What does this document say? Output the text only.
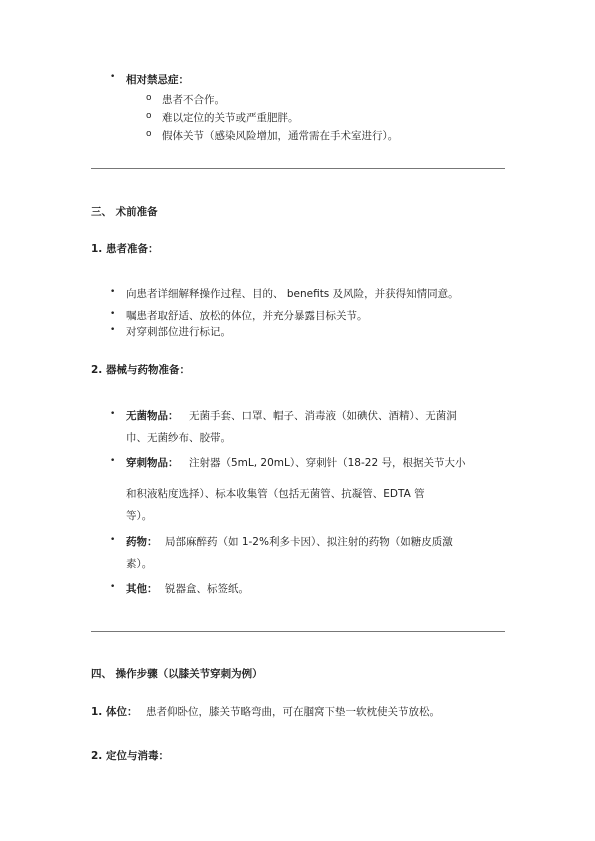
• 相对禁忌症：
o 患者不合作。
o 难以定位的关节或严重肥胖。
o 假体关节（感染风险增加，通常需在手术室进行）。
三、 术前准备
1. 患者准备：
• 向患者详细解释操作过程、目的、 benefits 及风险，并获得知情同意。
• 嘱患者取舒适、放松的体位，并充分暴露目标关节。
• 对穿刺部位进行标记。
2. 器械与药物准备：
• 无菌物品： 无菌手套、口罩、帽子、消毒液（如碘伏、酒精）、无菌洞
巾、无菌纱布、胶带。
• 穿刺物品： 注射器（5mL, 20mL）、穿刺针（18-22 号，根据关节大小
和积液粘度选择）、标本收集管（包括无菌管、抗凝管、EDTA 管
等）。
• 药物： 局部麻醉药（如 1-2%利多卡因）、拟注射的药物（如糖皮质激
素）。
• 其他： 锐器盒、标签纸。
四、 操作步骤（以膝关节穿刺为例）
1. 体位： 患者仰卧位，膝关节略弯曲，可在腘窝下垫一软枕使关节放松。
2. 定位与消毒：
